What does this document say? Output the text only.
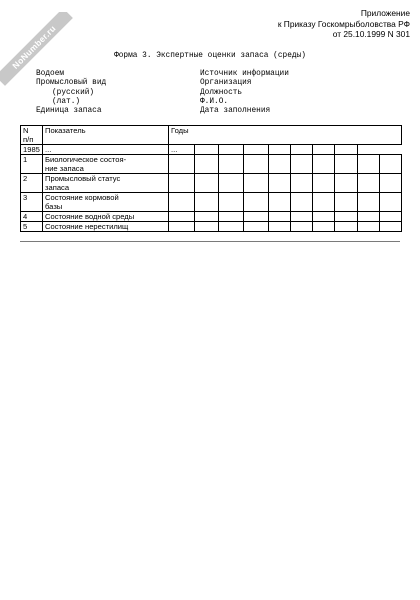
NoNumber.ru
Приложение
к Приказу Госкомрыболовства РФ
от 25.10.1999 N 301
Форма 3. Экспертные оценки запаса (среды)
Водоем
Промысловый вид
(русский)
(лат.)
Единица запаса
Источник информации
Организация
Должность
Ф.И.О.
Дата заполнения
N
п/п	Показатель	Годы									
1985	...	...									
1	Биологическое состоя-
ние запаса										
2	Промысловый статус
запаса										
3	Состояние кормовой
базы										
4	Состояние водной среды										
5	Состояние нерестилищ										
